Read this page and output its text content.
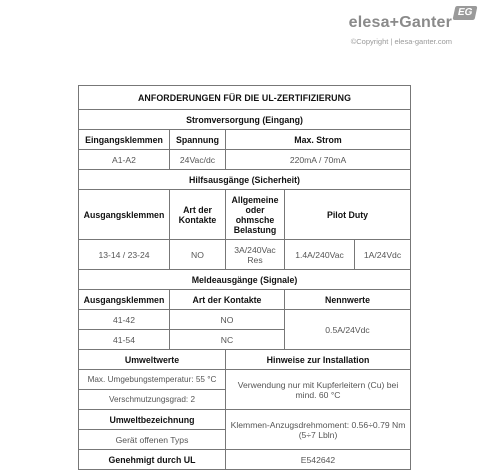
elesa+Ganter
EG
©Copyright | elesa-ganter.com
ANFORDERUNGEN FÜR DIE UL-ZERTIFIZIERUNG				
Stromversorgung (Eingang)				
Eingangsklemmen	Spannung	Max. Strom		
A1-A2	24Vac/dc	220mA / 70mA		
Hilfsausgänge (Sicherheit)				
Ausgangsklemmen	Art der Kontakte	Allgemeine oder ohmsche Belastung	Pilot Duty	
13-14 / 23-24	NO	3A/240Vac Res	1.4A/240Vac	1A/24Vdc
Meldeausgänge (Signale)				
Ausgangsklemmen	Art der Kontakte		Nennwerte	
41-42	NO		0.5A/24Vdc	
41-54	NC			
Umweltwerte		Hinweise zur Installation		
Max. Umgebungstemperatur: 55 °C		Verwendung nur mit Kupferleitern (Cu) bei mind. 60 °C		
Verschmutzungsgrad: 2				
Umweltbezeichnung		Klemmen-Anzugsdrehmoment: 0.56÷0.79 Nm (5÷7 Lbln)		
Gerät offenen Typs				
Genehmigt durch UL		E542642		
